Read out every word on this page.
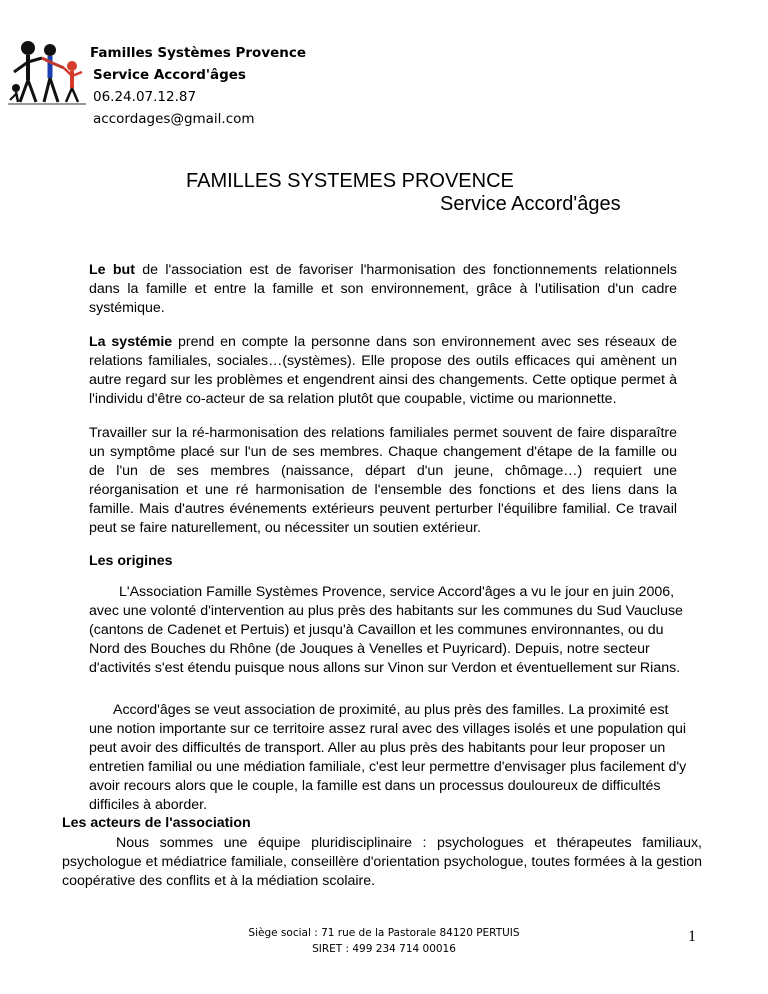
Familles Systèmes Provence
Service Accord'âges
06.24.07.12.87
accordages@gmail.com
FAMILLES SYSTEMES PROVENCE
Service Accord'âges
Le but de l'association est de favoriser l'harmonisation des fonctionnements relationnels dans la famille et entre la famille et son environnement, grâce à l'utilisation d'un cadre systémique.
La systémie prend en compte la personne dans son environnement avec ses réseaux de relations familiales, sociales…(systèmes). Elle propose des outils efficaces qui amènent un autre regard sur les problèmes et engendrent ainsi des changements. Cette optique permet à l'individu d'être co-acteur de sa relation plutôt que coupable, victime ou marionnette.
Travailler sur la ré-harmonisation des relations familiales permet souvent de faire disparaître un symptôme placé sur l'un de ses membres. Chaque changement d'étape de la famille ou de l'un de ses membres (naissance, départ d'un jeune, chômage…) requiert une réorganisation et une ré harmonisation de l'ensemble des fonctions et des liens dans la famille. Mais d'autres événements extérieurs peuvent perturber l'équilibre familial. Ce travail peut se faire naturellement, ou nécessiter un soutien extérieur.
Les origines
L'Association Famille Systèmes Provence, service Accord'âges a vu le jour en juin 2006, avec une volonté d'intervention au plus près des habitants sur les communes du Sud Vaucluse (cantons de Cadenet et Pertuis) et jusqu'à Cavaillon et les communes environnantes, ou du Nord des Bouches du Rhône (de Jouques à Venelles et Puyricard). Depuis, notre secteur d'activités s'est étendu puisque nous allons sur Vinon sur Verdon et éventuellement sur Rians.
Accord'âges se veut association de proximité, au plus près des familles. La proximité est une notion importante sur ce territoire assez rural avec des villages isolés et une population qui peut avoir des difficultés de transport. Aller au plus près des habitants pour leur proposer un entretien familial ou une médiation familiale, c'est leur permettre d'envisager plus facilement d'y avoir recours alors que le couple, la famille est dans un processus douloureux de difficultés difficiles à aborder.
Les acteurs de l'association
Nous sommes une équipe pluridisciplinaire : psychologues et thérapeutes familiaux, psychologue et médiatrice familiale, conseillère d'orientation psychologue, toutes formées à la gestion coopérative des conflits et à la médiation scolaire.
Siège social : 71 rue de la Pastorale 84120 PERTUIS
SIRET : 499 234 714 00016
1
